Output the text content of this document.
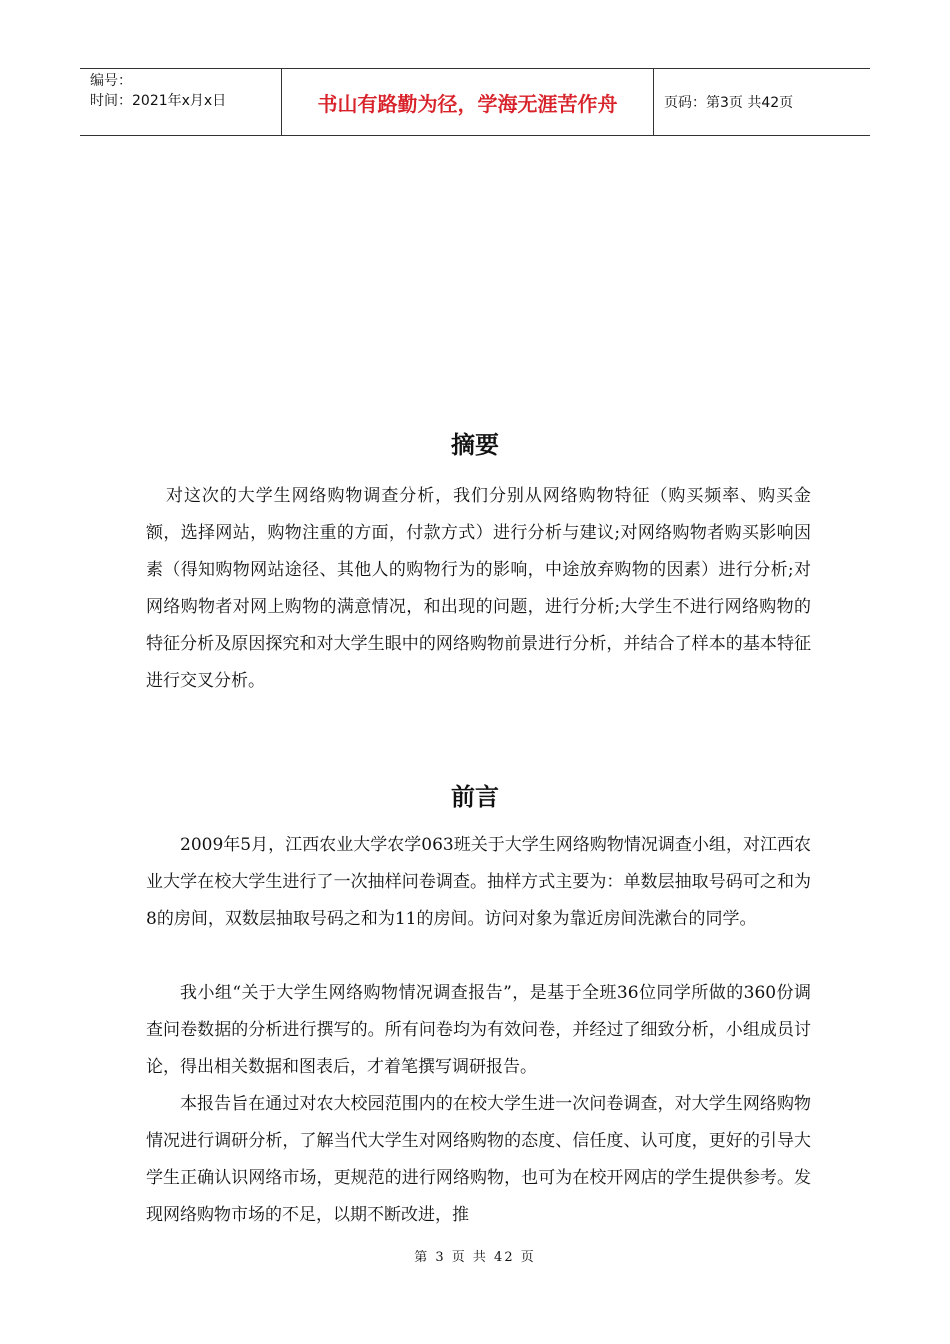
编号：
时间：2021年x月x日	书山有路勤为径，学海无涯苦作舟	页码：第3页 共42页
摘要

对这次的大学生网络购物调查分析，我们分别从网络购物特征（购买频率、购买金额，选择网站，购物注重的方面，付款方式）进行分析与建议;对网络购物者购买影响因素（得知购物网站途径、其他人的购物行为的影响，中途放弃购物的因素）进行分析;对网络购物者对网上购物的满意情况，和出现的问题，进行分析;大学生不进行网络购物的特征分析及原因探究和对大学生眼中的网络购物前景进行分析，并结合了样本的基本特征进行交叉分析。

前言

2009年5月，江西农业大学农学063班关于大学生网络购物情况调查小组，对江西农业大学在校大学生进行了一次抽样问卷调查。抽样方式主要为：单数层抽取号码可之和为8的房间，双数层抽取号码之和为11的房间。访问对象为靠近房间洗漱台的同学。

我小组“关于大学生网络购物情况调查报告”，是基于全班36位同学所做的360份调查问卷数据的分析进行撰写的。所有问卷均为有效问卷，并经过了细致分析，小组成员讨论，得出相关数据和图表后，才着笔撰写调研报告。

本报告旨在通过对农大校园范围内的在校大学生进一次问卷调查，对大学生网络购物情况进行调研分析，了解当代大学生对网络购物的态度、信任度、认可度，更好的引导大学生正确认识网络市场，更规范的进行网络购物，也可为在校开网店的学生提供参考。发现网络购物市场的不足，以期不断改进，推

第 3 页 共 42 页
